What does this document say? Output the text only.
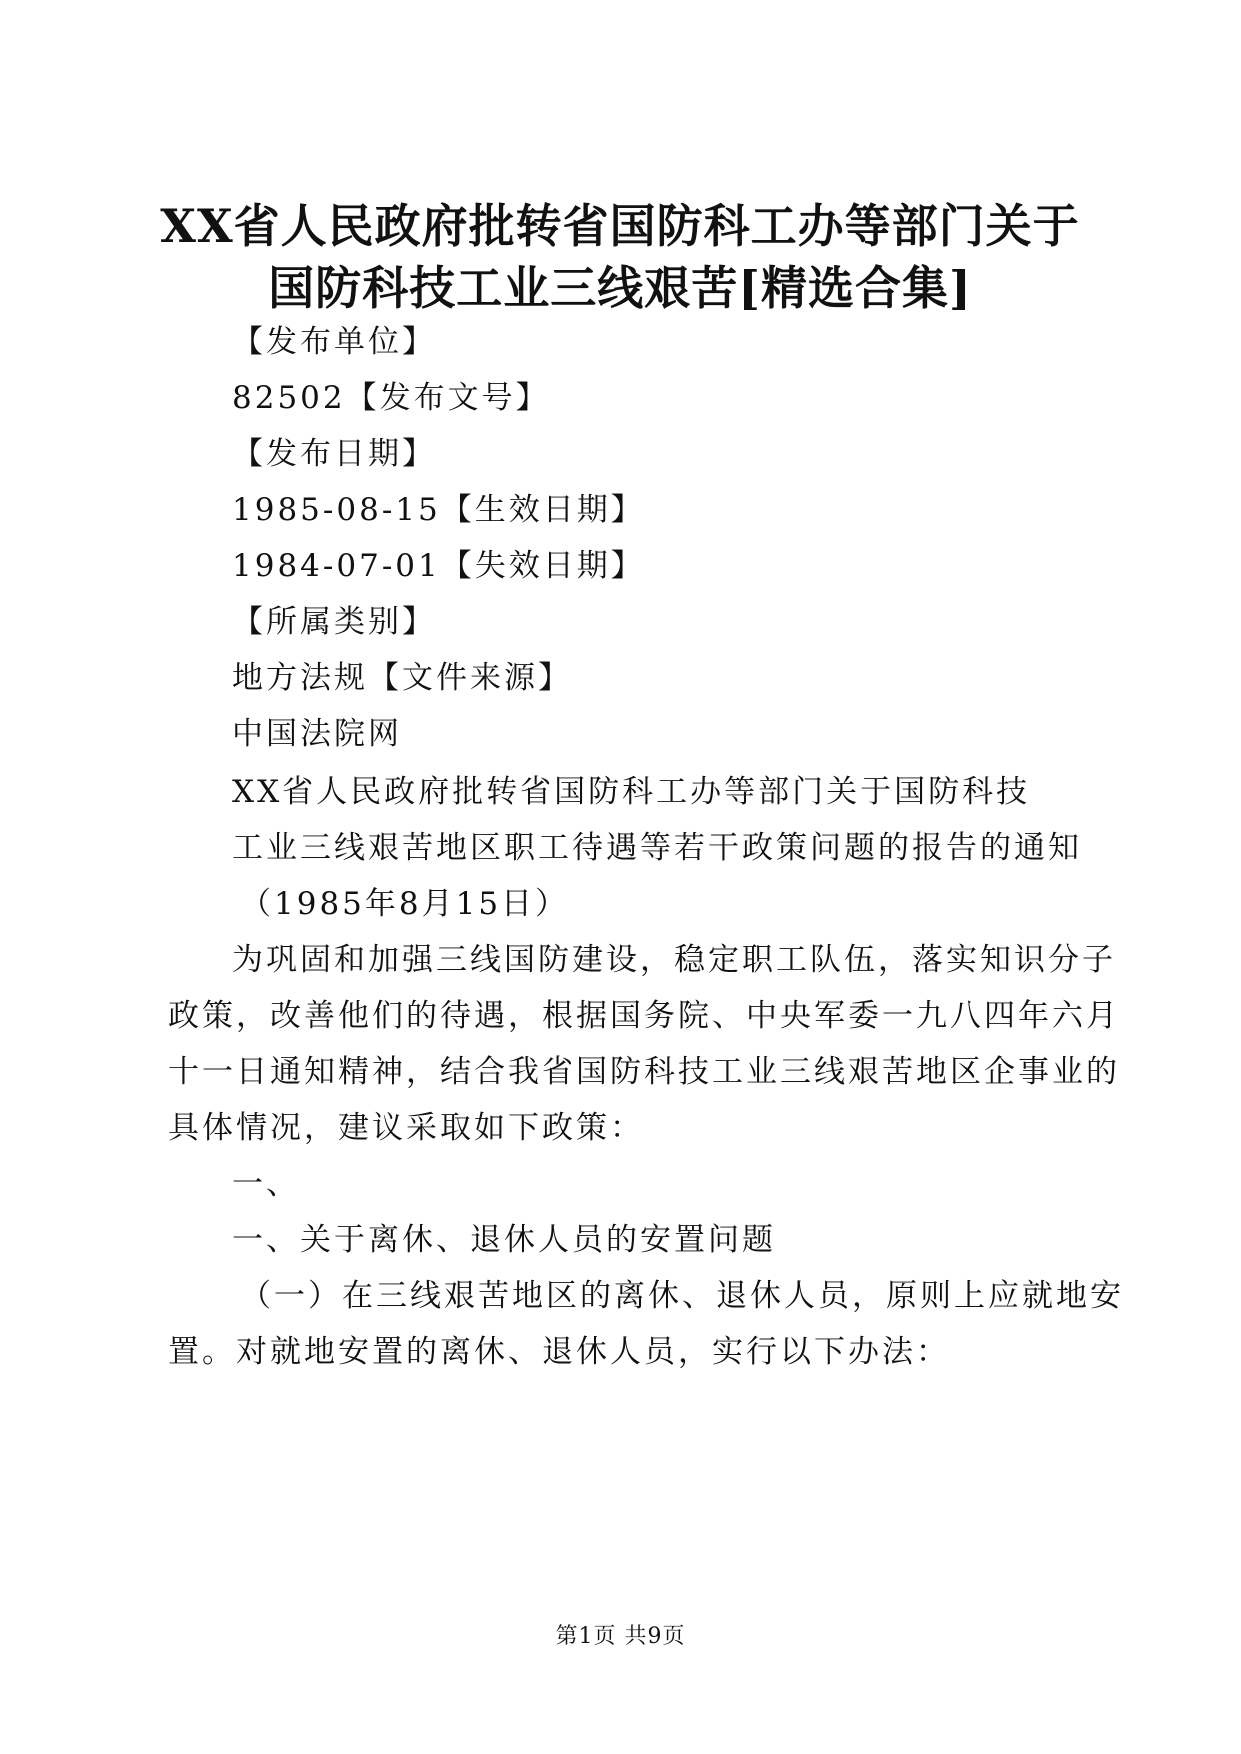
XX省人民政府批转省国防科工办等部门关于
国防科技工业三线艰苦[精选合集]
【发布单位】
82502【发布文号】
【发布日期】
1985-08-15【生效日期】
1984-07-01【失效日期】
【所属类别】
地方法规【文件来源】
中国法院网
XX省人民政府批转省国防科工办等部门关于国防科技
工业三线艰苦地区职工待遇等若干政策问题的报告的通知
（1985年8月15日）
为巩固和加强三线国防建设，稳定职工队伍，落实知识分子
政策，改善他们的待遇，根据国务院、中央军委一九八四年六月
十一日通知精神，结合我省国防科技工业三线艰苦地区企事业的
具体情况，建议采取如下政策：
一、
一、关于离休、退休人员的安置问题
（一）在三线艰苦地区的离休、退休人员，原则上应就地安
置。对就地安置的离休、退休人员，实行以下办法：
第1页 共9页
